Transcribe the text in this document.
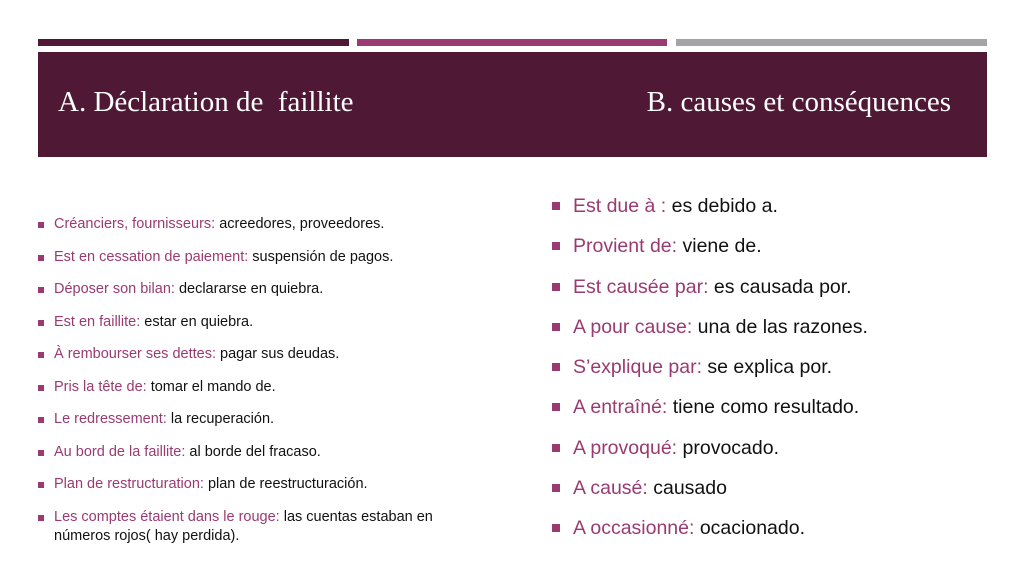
A. Déclaration de  faillite	B. causes et conséquences
Créanciers, fournisseurs: acreedores, proveedores.
Est en cessation de paiement: suspensión de pagos.
Déposer son bilan: declararse en quiebra.
Est en faillite: estar en quiebra.
À rembourser ses dettes: pagar sus deudas.
Pris la tête de: tomar el mando de.
Le redressement: la recuperación.
Au bord de la faillite: al borde del fracaso.
Plan de restructuration: plan de reestructuración.
Les comptes étaient dans le rouge: las cuentas estaban en números rojos( hay perdida).
Est due à : es debido a.
Provient de: viene de.
Est causée par: es causada por.
A pour cause: una de las razones.
S’explique par: se explica por.
A entraîné: tiene como resultado.
A provoqué: provocado.
A causé: causado
A occasionné: ocacionado.
